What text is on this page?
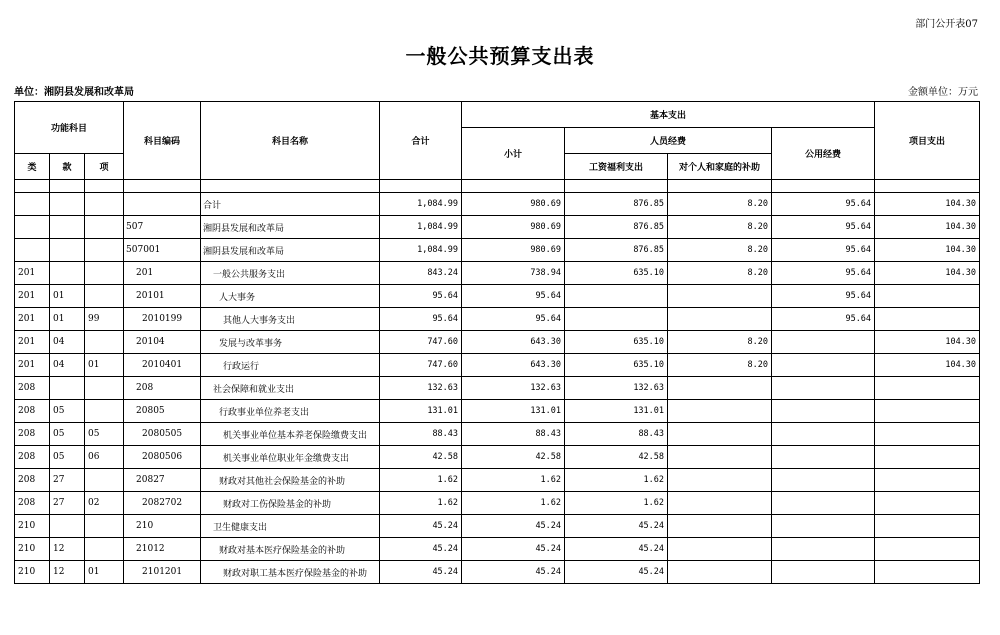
部门公开表07
一般公共预算支出表
单位：湘阴县发展和改革局	金额单位：万元
功能科目			科目编码	科目名称	合计	基本支出				项目支出
						小计	人员经费		公用经费	
类	款	项					工资福利支出	对个人和家庭的补助		

				合计	1,084.99	980.69	876.85	8.20	95.64	104.30
			507	湘阴县发展和改革局	1,084.99	980.69	876.85	8.20	95.64	104.30
			507001	湘阴县发展和改革局	1,084.99	980.69	876.85	8.20	95.64	104.30
201			201	一般公共服务支出	843.24	738.94	635.10	8.20	95.64	104.30
201	01		20101	人大事务	95.64	95.64			95.64	
201	01	99	2010199	其他人大事务支出	95.64	95.64			95.64	
201	04		20104	发展与改革事务	747.60	643.30	635.10	8.20		104.30
201	04	01	2010401	行政运行	747.60	643.30	635.10	8.20		104.30
208			208	社会保障和就业支出	132.63	132.63	132.63			
208	05		20805	行政事业单位养老支出	131.01	131.01	131.01			
208	05	05	2080505	机关事业单位基本养老保险缴费支出	88.43	88.43	88.43			
208	05	06	2080506	机关事业单位职业年金缴费支出	42.58	42.58	42.58			
208	27		20827	财政对其他社会保险基金的补助	1.62	1.62	1.62			
208	27	02	2082702	财政对工伤保险基金的补助	1.62	1.62	1.62			
210			210	卫生健康支出	45.24	45.24	45.24			
210	12		21012	财政对基本医疗保险基金的补助	45.24	45.24	45.24			
210	12	01	2101201	财政对职工基本医疗保险基金的补助	45.24	45.24	45.24			
